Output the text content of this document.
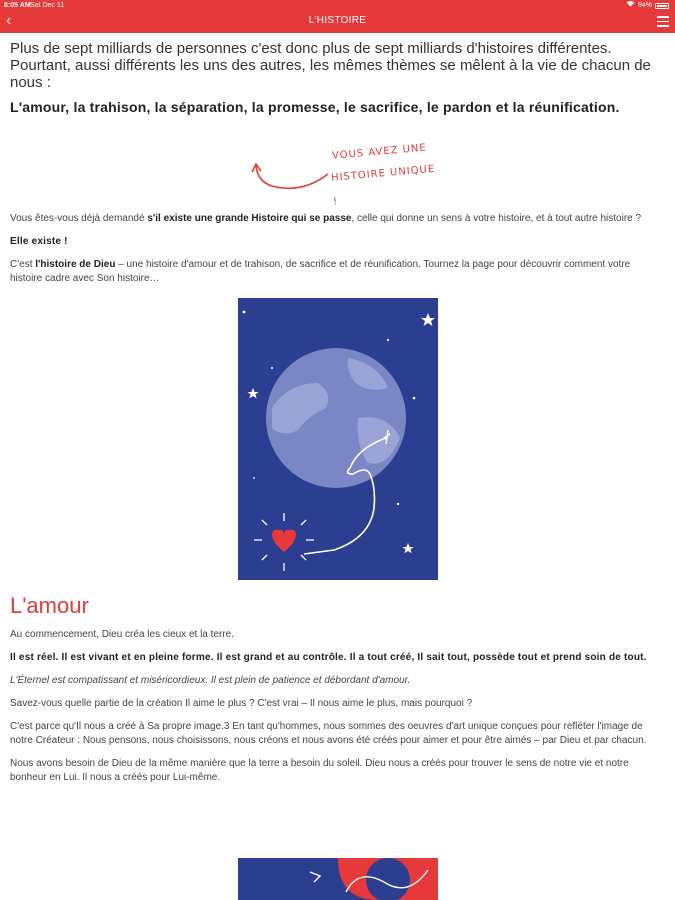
8:05 AM Sat Dec 11	94%
‹	L'HISTOIRE

Plus de sept milliards de personnes c'est donc plus de sept milliards d'histoires différentes. Pourtant, aussi différents les uns des autres, les mêmes thèmes se mêlent à la vie de chacun de nous :

L'amour, la trahison, la séparation, la promesse, le sacrifice, le pardon et la réunification.

VOUS AVEZ UNE
HISTOIRE UNIQUE !

Vous êtes-vous déjà demandé s'il existe une grande Histoire qui se passe, celle qui donne un sens à votre histoire, et à tout autre histoire ?

Elle existe !

C'est l'histoire de Dieu – une histoire d'amour et de trahison, de sacrifice et de réunification. Tournez la page pour découvrir comment votre histoire cadre avec Son histoire…

L'amour

Au commencement, Dieu créa les cieux et la terre.

Il est réel. Il est vivant et en pleine forme. Il est grand et au contrôle. Il a tout créé, Il sait tout, possède tout et prend soin de tout.

L'Éternel est compatissant et miséricordieux. Il est plein de patience et débordant d'amour.

Savez-vous quelle partie de la création Il aime le plus ? C'est vrai – Il nous aime le plus, mais pourquoi ?

C'est parce qu'Il nous a créé à Sa propre image.3 En tant qu'hommes, nous sommes des oeuvres d'art unique conçues pour refléter l'image de notre Créateur : Nous pensons, nous choisissons, nous créons et nous avons été créés pour aimer et pour être aimés – par Dieu et par chacun.

Nous avons besoin de Dieu de la même manière que la terre a besoin du soleil. Dieu nous a créés pour trouver le sens de notre vie et notre bonheur en Lui. Il nous a créés pour Lui-même.
